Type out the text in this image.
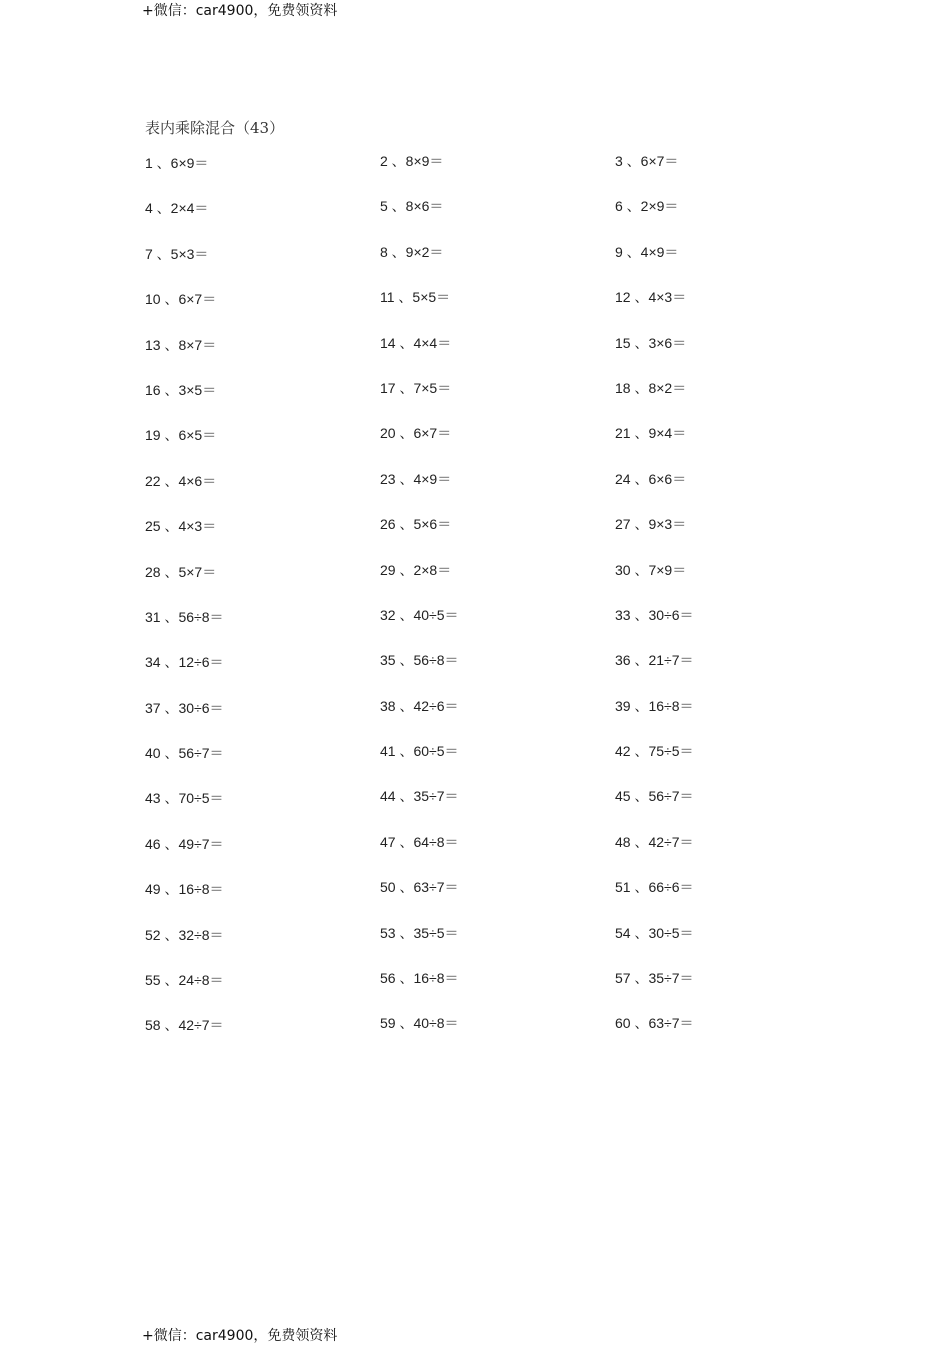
+微信：car4900，免费领资料
表内乘除混合（43）
1 、6×9＝	2 、8×9＝	3 、6×7＝
4 、2×4＝	5 、8×6＝	6 、2×9＝
7 、5×3＝	8 、9×2＝	9 、4×9＝
10 、6×7＝	11 、5×5＝	12 、4×3＝
13 、8×7＝	14 、4×4＝	15 、3×6＝
16 、3×5＝	17 、7×5＝	18 、8×2＝
19 、6×5＝	20 、6×7＝	21 、9×4＝
22 、4×6＝	23 、4×9＝	24 、6×6＝
25 、4×3＝	26 、5×6＝	27 、9×3＝
28 、5×7＝	29 、2×8＝	30 、7×9＝
31 、56÷8＝	32 、40÷5＝	33 、30÷6＝
34 、12÷6＝	35 、56÷8＝	36 、21÷7＝
37 、30÷6＝	38 、42÷6＝	39 、16÷8＝
40 、56÷7＝	41 、60÷5＝	42 、75÷5＝
43 、70÷5＝	44 、35÷7＝	45 、56÷7＝
46 、49÷7＝	47 、64÷8＝	48 、42÷7＝
49 、16÷8＝	50 、63÷7＝	51 、66÷6＝
52 、32÷8＝	53 、35÷5＝	54 、30÷5＝
55 、24÷8＝	56 、16÷8＝	57 、35÷7＝
58 、42÷7＝	59 、40÷8＝	60 、63÷7＝
+微信：car4900，免费领资料
